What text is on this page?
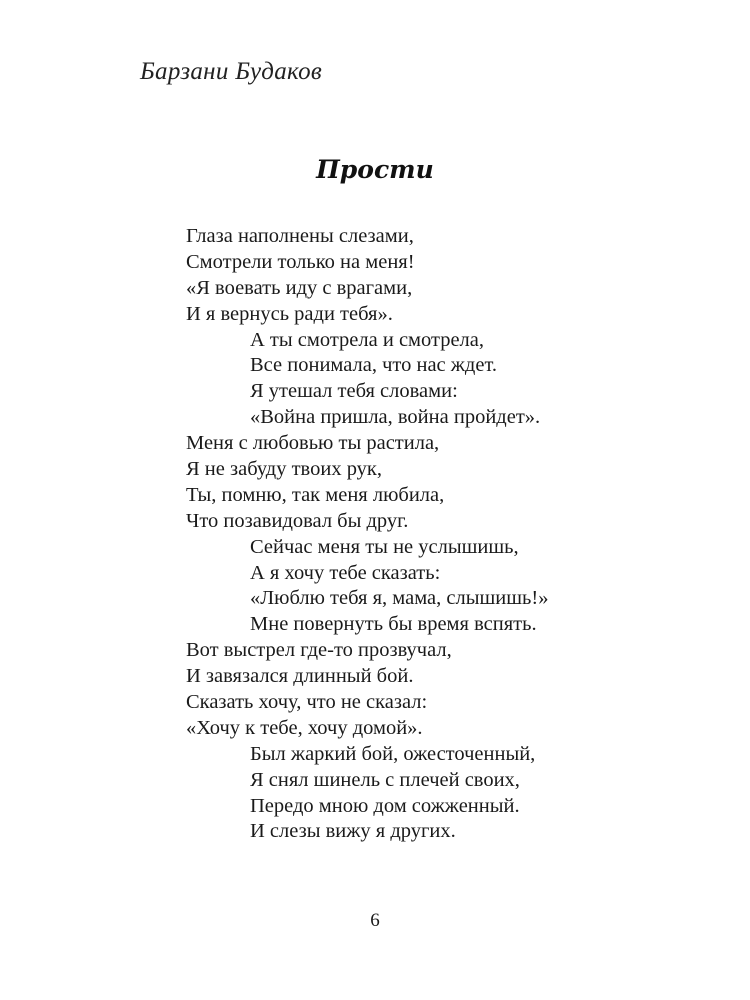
Барзани Будаков
Прости
Глаза наполнены слезами,
Смотрели только на меня!
«Я воевать иду с врагами,
И я вернусь ради тебя».
А ты смотрела и смотрела,
Все понимала, что нас ждет.
Я утешал тебя словами:
«Война пришла, война пройдет».
Меня с любовью ты растила,
Я не забуду твоих рук,
Ты, помню, так меня любила,
Что позавидовал бы друг.
Сейчас меня ты не услышишь,
А я хочу тебе сказать:
«Люблю тебя я, мама, слышишь!»
Мне повернуть бы время вспять.
Вот выстрел где-то прозвучал,
И завязался длинный бой.
Сказать хочу, что не сказал:
«Хочу к тебе, хочу домой».
Был жаркий бой, ожесточенный,
Я снял шинель с плечей своих,
Передо мною дом сожженный.
И слезы вижу я других.
6
